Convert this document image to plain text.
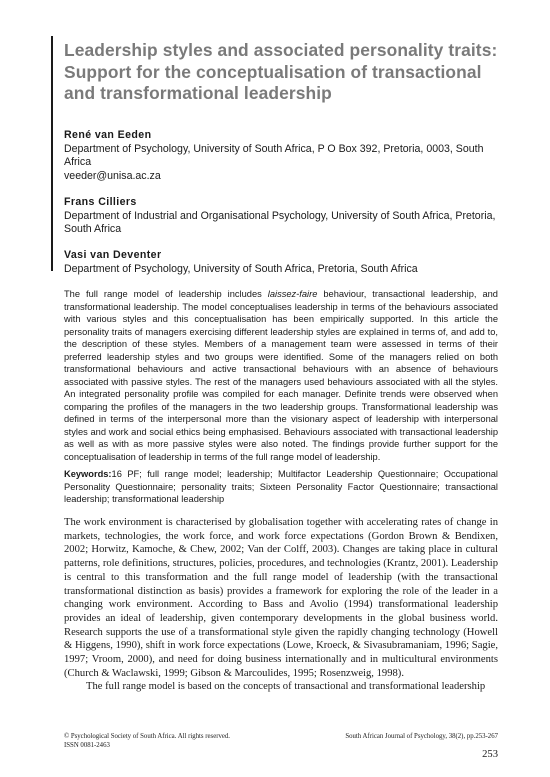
Leadership styles and associated personality traits: Support for the conceptualisation of transactional and transformational leadership
René van Eeden
Department of Psychology, University of South Africa, P O Box 392, Pretoria, 0003, South Africa
veeder@unisa.ac.za
Frans Cilliers
Department of Industrial and Organisational Psychology, University of South Africa, Pretoria, South Africa
Vasi van Deventer
Department of Psychology, University of South Africa, Pretoria, South Africa
The full range model of leadership includes laissez-faire behaviour, transactional leadership, and transformational leadership. The model conceptualises leadership in terms of the behaviours associated with various styles and this conceptualisation has been empirically supported. In this article the personality traits of managers exercising different leadership styles are explained in terms of, and add to, the description of these styles. Members of a management team were assessed in terms of their preferred leadership styles and two groups were identified. Some of the managers relied on both transformational behaviours and active transactional behaviours with an absence of behaviours associated with passive styles. The rest of the managers used behaviours associated with all the styles. An integrated personality profile was compiled for each manager. Definite trends were observed when comparing the profiles of the managers in the two leadership groups. Transformational leadership was defined in terms of the interpersonal more than the visionary aspect of leadership with interpersonal styles and work and social ethics being emphasised. Behaviours associated with transactional leadership as well as with as more passive styles were also noted. The findings provide further support for the conceptualisation of leadership in terms of the full range model of leadership.
Keywords:16 PF; full range model; leadership; Multifactor Leadership Questionnaire; Occupational Personality Questionnaire; personality traits; Sixteen Personality Factor Questionnaire; transactional leadership; transformational leadership

The work environment is characterised by globalisation together with accelerating rates of change in markets, technologies, the work force, and work force expectations (Gordon Brown & Bendixen, 2002; Horwitz, Kamoche, & Chew, 2002; Van der Colff, 2003). Changes are taking place in cultural patterns, role definitions, structures, policies, procedures, and technologies (Krantz, 2001). Leadership is central to this transformation and the full range model of leadership (with the transactional transformational distinction as basis) provides a framework for exploring the role of the leader in a changing work environment. According to Bass and Avolio (1994) transformational leadership provides an ideal of leadership, given contemporary developments in the global business world. Research supports the use of a transformational style given the rapidly changing technology (Howell & Higgens, 1990), shift in work force expectations (Lowe, Kroeck, & Sivasubramaniam, 1996; Sagie, 1997; Vroom, 2000), and need for doing business internationally and in multicultural environments (Church & Waclawski, 1999; Gibson & Marcoulides, 1995; Rosenzweig, 1998).

The full range model is based on the concepts of transactional and transformational leadership

© Psychological Society of South Africa. All rights reserved.
ISSN 0081-2463
South African Journal of Psychology, 38(2), pp.253-267
253
